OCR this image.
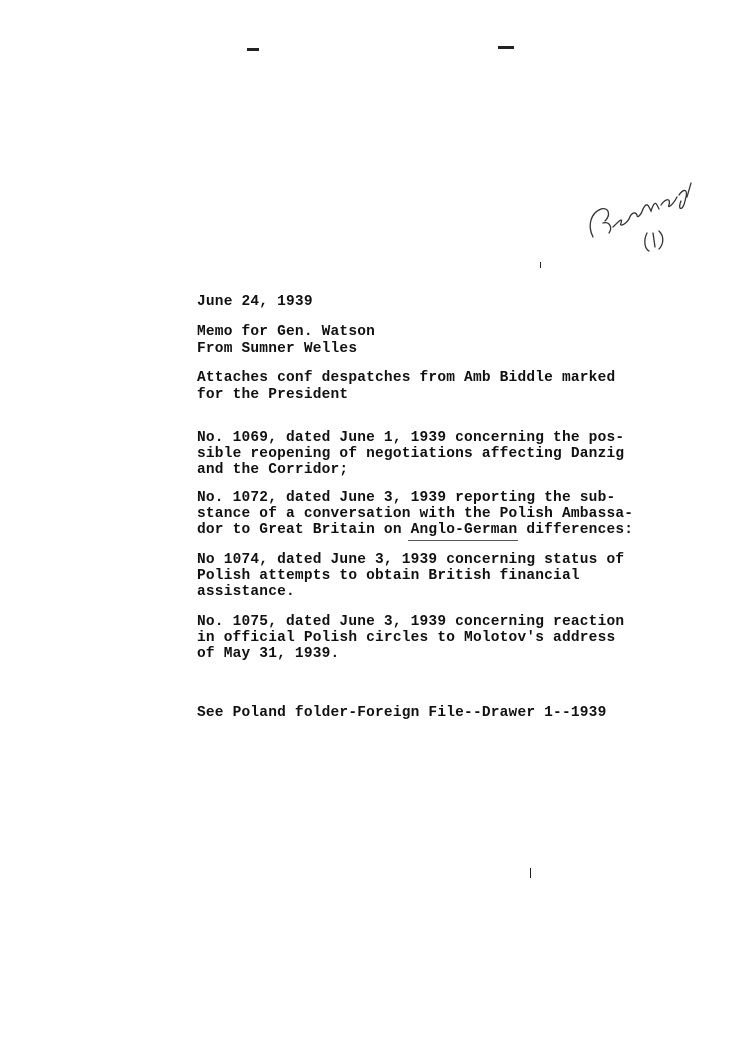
June 24, 1939
Memo for Gen. Watson
From Sumner Welles
Attaches conf despatches from Amb Biddle marked
for the President
No. 1069, dated June 1, 1939 concerning the pos-
sible reopening of negotiations affecting Danzig
and the Corridor;
No. 1072, dated June 3, 1939 reporting the sub-
stance of a conversation with the Polish Ambassa-
dor to Great Britain on Anglo-German differences:
No 1074, dated June 3, 1939 concerning status of
Polish attempts to obtain British financial
assistance.
No. 1075, dated June 3, 1939 concerning reaction
in official Polish circles to Molotov's address
of May 31, 1939.
See Poland folder-Foreign File--Drawer 1--1939
